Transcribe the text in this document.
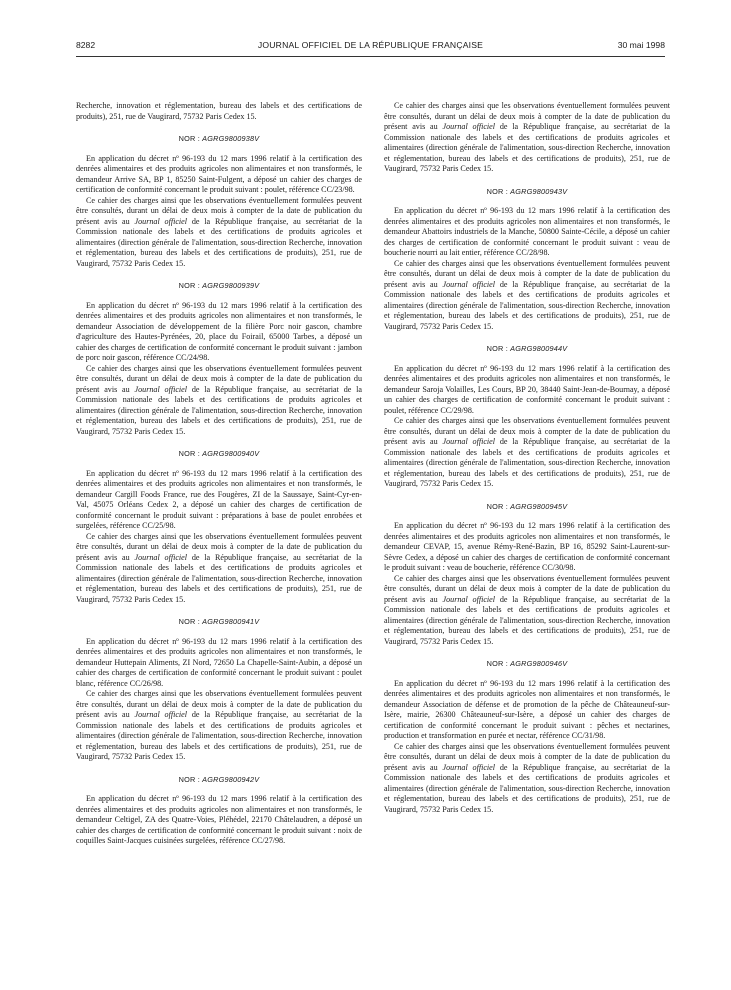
8282	JOURNAL OFFICIEL DE LA RÉPUBLIQUE FRANÇAISE	30 mai 1998

Recherche, innovation et réglementation, bureau des labels et des certifications de produits), 251, rue de Vaugirard, 75732 Paris Cedex 15.

NOR : AGRG9800938V

En application du décret nº 96-193 du 12 mars 1996 relatif à la certification des denrées alimentaires et des produits agricoles non alimentaires et non transformés, le demandeur Arrive SA, BP 1, 85250 Saint-Fulgent, a déposé un cahier des charges de certification de conformité concernant le produit suivant : poulet, référence CC/23/98.

Ce cahier des charges ainsi que les observations éventuellement formulées peuvent être consultés, durant un délai de deux mois à compter de la date de publication du présent avis au Journal officiel de la République française, au secrétariat de la Commission nationale des labels et des certifications de produits agricoles et alimentaires (direction générale de l'alimentation, sous-direction Recherche, innovation et réglementation, bureau des labels et des certifications de produits), 251, rue de Vaugirard, 75732 Paris Cedex 15.

NOR : AGRG9800939V

En application du décret nº 96-193 du 12 mars 1996 relatif à la certification des denrées alimentaires et des produits agricoles non alimentaires et non transformés, le demandeur Association de développement de la filière Porc noir gascon, chambre d'agriculture des Hautes-Pyrénées, 20, place du Foirail, 65000 Tarbes, a déposé un cahier des charges de certification de conformité concernant le produit suivant : jambon de porc noir gascon, référence CC/24/98.

Ce cahier des charges ainsi que les observations éventuellement formulées peuvent être consultés, durant un délai de deux mois à compter de la date de publication du présent avis au Journal officiel de la République française, au secrétariat de la Commission nationale des labels et des certifications de produits agricoles et alimentaires (direction générale de l'alimentation, sous-direction Recherche, innovation et réglementation, bureau des labels et des certifications de produits), 251, rue de Vaugirard, 75732 Paris Cedex 15.

NOR : AGRG9800940V

En application du décret nº 96-193 du 12 mars 1996 relatif à la certification des denrées alimentaires et des produits agricoles non alimentaires et non transformés, le demandeur Cargill Foods France, rue des Fougères, ZI de la Saussaye, Saint-Cyr-en-Val, 45075 Orléans Cedex 2, a déposé un cahier des charges de certification de conformité concernant le produit suivant : préparations à base de poulet enrobées et surgelées, référence CC/25/98.

Ce cahier des charges ainsi que les observations éventuellement formulées peuvent être consultés, durant un délai de deux mois à compter de la date de publication du présent avis au Journal officiel de la République française, au secrétariat de la Commission nationale des labels et des certifications de produits agricoles et alimentaires (direction générale de l'alimentation, sous-direction Recherche, innovation et réglementation, bureau des labels et des certifications de produits), 251, rue de Vaugirard, 75732 Paris Cedex 15.

NOR : AGRG9800941V

En application du décret nº 96-193 du 12 mars 1996 relatif à la certification des denrées alimentaires et des produits agricoles non alimentaires et non transformés, le demandeur Huttepain Aliments, ZI Nord, 72650 La Chapelle-Saint-Aubin, a déposé un cahier des charges de certification de conformité concernant le produit suivant : poulet blanc, référence CC/26/98.

Ce cahier des charges ainsi que les observations éventuellement formulées peuvent être consultés, durant un délai de deux mois à compter de la date de publication du présent avis au Journal officiel de la République française, au secrétariat de la Commission nationale des labels et des certifications de produits agricoles et alimentaires (direction générale de l'alimentation, sous-direction Recherche, innovation et réglementation, bureau des labels et des certifications de produits), 251, rue de Vaugirard, 75732 Paris Cedex 15.

NOR : AGRG9800942V

En application du décret nº 96-193 du 12 mars 1996 relatif à la certification des denrées alimentaires et des produits agricoles non alimentaires et non transformés, le demandeur Celtigel, ZA des Quatre-Voies, Pléhédel, 22170 Châtelaudren, a déposé un cahier des charges de certification de conformité concernant le produit suivant : noix de coquilles Saint-Jacques cuisinées surgelées, référence CC/27/98.

Ce cahier des charges ainsi que les observations éventuellement formulées peuvent être consultés, durant un délai de deux mois à compter de la date de publication du présent avis au Journal officiel de la République française, au secrétariat de la Commission nationale des labels et des certifications de produits agricoles et alimentaires (direction générale de l'alimentation, sous-direction Recherche, innovation et réglementation, bureau des labels et des certifications de produits), 251, rue de Vaugirard, 75732 Paris Cedex 15.

NOR : AGRG9800943V

En application du décret nº 96-193 du 12 mars 1996 relatif à la certification des denrées alimentaires et des produits agricoles non alimentaires et non transformés, le demandeur Abattoirs industriels de la Manche, 50800 Sainte-Cécile, a déposé un cahier des charges de certification de conformité concernant le produit suivant : veau de boucherie nourri au lait entier, référence CC/28/98.

Ce cahier des charges ainsi que les observations éventuellement formulées peuvent être consultés, durant un délai de deux mois à compter de la date de publication du présent avis au Journal officiel de la République française, au secrétariat de la Commission nationale des labels et des certifications de produits agricoles et alimentaires (direction générale de l'alimentation, sous-direction Recherche, innovation et réglementation, bureau des labels et des certifications de produits), 251, rue de Vaugirard, 75732 Paris Cedex 15.

NOR : AGRG9800944V

En application du décret nº 96-193 du 12 mars 1996 relatif à la certification des denrées alimentaires et des produits agricoles non alimentaires et non transformés, le demandeur Saroja Volailles, Les Cours, BP 20, 38440 Saint-Jean-de-Bournay, a déposé un cahier des charges de certification de conformité concernant le produit suivant : poulet, référence CC/29/98.

Ce cahier des charges ainsi que les observations éventuellement formulées peuvent être consultés, durant un délai de deux mois à compter de la date de publication du présent avis au Journal officiel de la République française, au secrétariat de la Commission nationale des labels et des certifications de produits agricoles et alimentaires (direction générale de l'alimentation, sous-direction Recherche, innovation et réglementation, bureau des labels et des certifications de produits), 251, rue de Vaugirard, 75732 Paris Cedex 15.

NOR : AGRG9800945V

En application du décret nº 96-193 du 12 mars 1996 relatif à la certification des denrées alimentaires et des produits agricoles non alimentaires et non transformés, le demandeur CEVAP, 15, avenue Rémy-René-Bazin, BP 16, 85292 Saint-Laurent-sur-Sèvre Cedex, a déposé un cahier des charges de certification de conformité concernant le produit suivant : veau de boucherie, référence CC/30/98.

Ce cahier des charges ainsi que les observations éventuellement formulées peuvent être consultés, durant un délai de deux mois à compter de la date de publication du présent avis au Journal officiel de la République française, au secrétariat de la Commission nationale des labels et des certifications de produits agricoles et alimentaires (direction générale de l'alimentation, sous-direction Recherche, innovation et réglementation, bureau des labels et des certifications de produits), 251, rue de Vaugirard, 75732 Paris Cedex 15.

NOR : AGRG9800946V

En application du décret nº 96-193 du 12 mars 1996 relatif à la certification des denrées alimentaires et des produits agricoles non alimentaires et non transformés, le demandeur Association de défense et de promotion de la pêche de Châteauneuf-sur-Isère, mairie, 26300 Châteauneuf-sur-Isère, a déposé un cahier des charges de certification de conformité concernant le produit suivant : pêches et nectarines, production et transformation en purée et nectar, référence CC/31/98.

Ce cahier des charges ainsi que les observations éventuellement formulées peuvent être consultés, durant un délai de deux mois à compter de la date de publication du présent avis au Journal officiel de la République française, au secrétariat de la Commission nationale des labels et des certifications de produits agricoles et alimentaires (direction générale de l'alimentation, sous-direction Recherche, innovation et réglementation, bureau des labels et des certifications de produits), 251, rue de Vaugirard, 75732 Paris Cedex 15.
